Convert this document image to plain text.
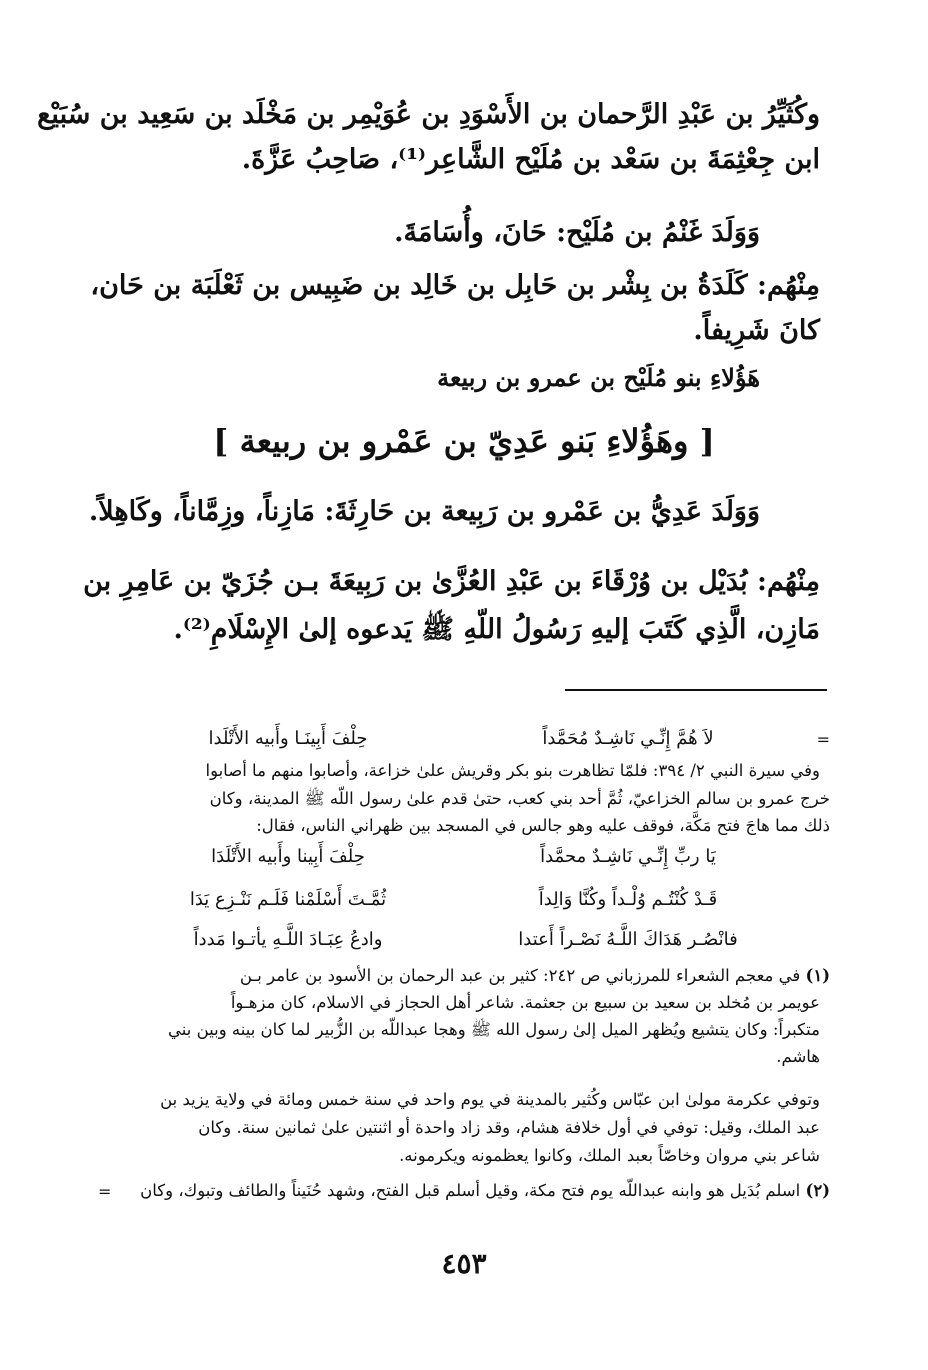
وكُثَيِّرُ بن عَبْدِ الرَّحمان بن الأَسْوَدِ بن عُوَيْمِر بن مَخْلَد بن سَعِيد بن سُبَيْع
ابن جِعْثِمَةَ بن سَعْد بن مُلَيْح الشَّاعِر⁽¹⁾، صَاحِبُ عَزَّةَ.
وَوَلَدَ غَنْمُ بن مُلَيْح: حَانَ، وأُسَامَةَ.
مِنْهُم: كَلَدَةُ بن بِشْر بن حَابِل بن خَالِد بن ضَبِيس بن ثَعْلَبَة بن حَان،
كانَ شَرِيفاً.
هَؤُلاءِ بنو مُلَيْح بن عمرو بن ربيعة
[ وهَؤُلاءِ بَنو عَدِيّ بن عَمْرو بن ربيعة ]
وَوَلَدَ عَدِيُّ بن عَمْرو بن رَبِيعة بن حَارِثَةَ: مَازِناً، وزِمَّاناً، وكَاهِلاً.
مِنْهُم: بُدَيْل بن وُرْقَاءَ بن عَبْدِ العُزَّىٰ بن رَبِيعَةَ بـن جُزَيّ بن عَامِرِ بن
مَازِن، الَّذِي كَتَبَ إليهِ رَسُولُ اللّهِ ﷺ يَدعوه إلىٰ الإِسْلَامِ⁽²⁾.
=
لاَ هُمَّ إِنِّـي نَاشِـدٌ مُحَمَّداً
حِلْفَ أَبِينَـا وأَبيه الأَتْلَدا
وفي سيرة النبي ٢/ ٣٩٤: فلمّا تظاهرت بنو بكر وقريش علىٰ خزاعة، وأصابوا منهم ما أصابوا
خرج عمرو بن سالم الخزاعيّ، ثُمَّ أحد بني كعب، حتىٰ قدم علىٰ رسول اللّه ﷺ المدينة، وكان
ذلك مما هاجَ فتح مَكَّة، فوقف عليه وهو جالس في المسجد بين ظهراني الناس، فقال:
يَا ربِّ إِنِّـي نَاشِـدٌ محمَّداً
حِلْفَ أَبِينا وأَبيه الأَتْلَدَا
قَـدْ كُنْتُـم وُلْـداً وكُنَّا وَالِداً
ثُمَّـتَ أَسْلَمْنا فَلَـم نَنْـزِع يَدَا
فانْصُـر هَدَاكَ اللَّـهُ نَصْـراً أَعتدا
وادعُ عِبَـادَ اللَّـهِ يأتـوا مَدداً
(١) في معجم الشعراء للمرزباني ص ٢٤٢: كثير بن عبد الرحمان بن الأسود بن عامر بـن
عويمر بن مُخلد بن سعيد بن سبيع بن جعثمة. شاعر أهل الحجاز في الاسلام، كان مزهـواً
متكبراً: وكان يتشيع ويُظهر الميل إلىٰ رسول الله ﷺ وهجا عبداللّه بن الزُّبير لما كان بينه وبين بني
هاشم.
وتوفي عكرمة مولىٰ ابن عبّاس وكُثير بالمدينة في يوم واحد في سنة خمس ومائة في ولاية يزيد بن
عبد الملك، وقيل: توفي في أول خلافة هشام، وقد زاد واحدة أو اثنتين علىٰ ثمانين سنة. وكان
شاعر بني مروان وخاصّاً بعبد الملك، وكانوا يعظمونه ويكرمونه.
(٢) اسلم بُدَيل هو وابنه عبداللّه يوم فتح مكة، وقيل أسلم قبل الفتح، وشهد حُنَيناً والطائف وتبوك، وكان
=
٤٥٣
